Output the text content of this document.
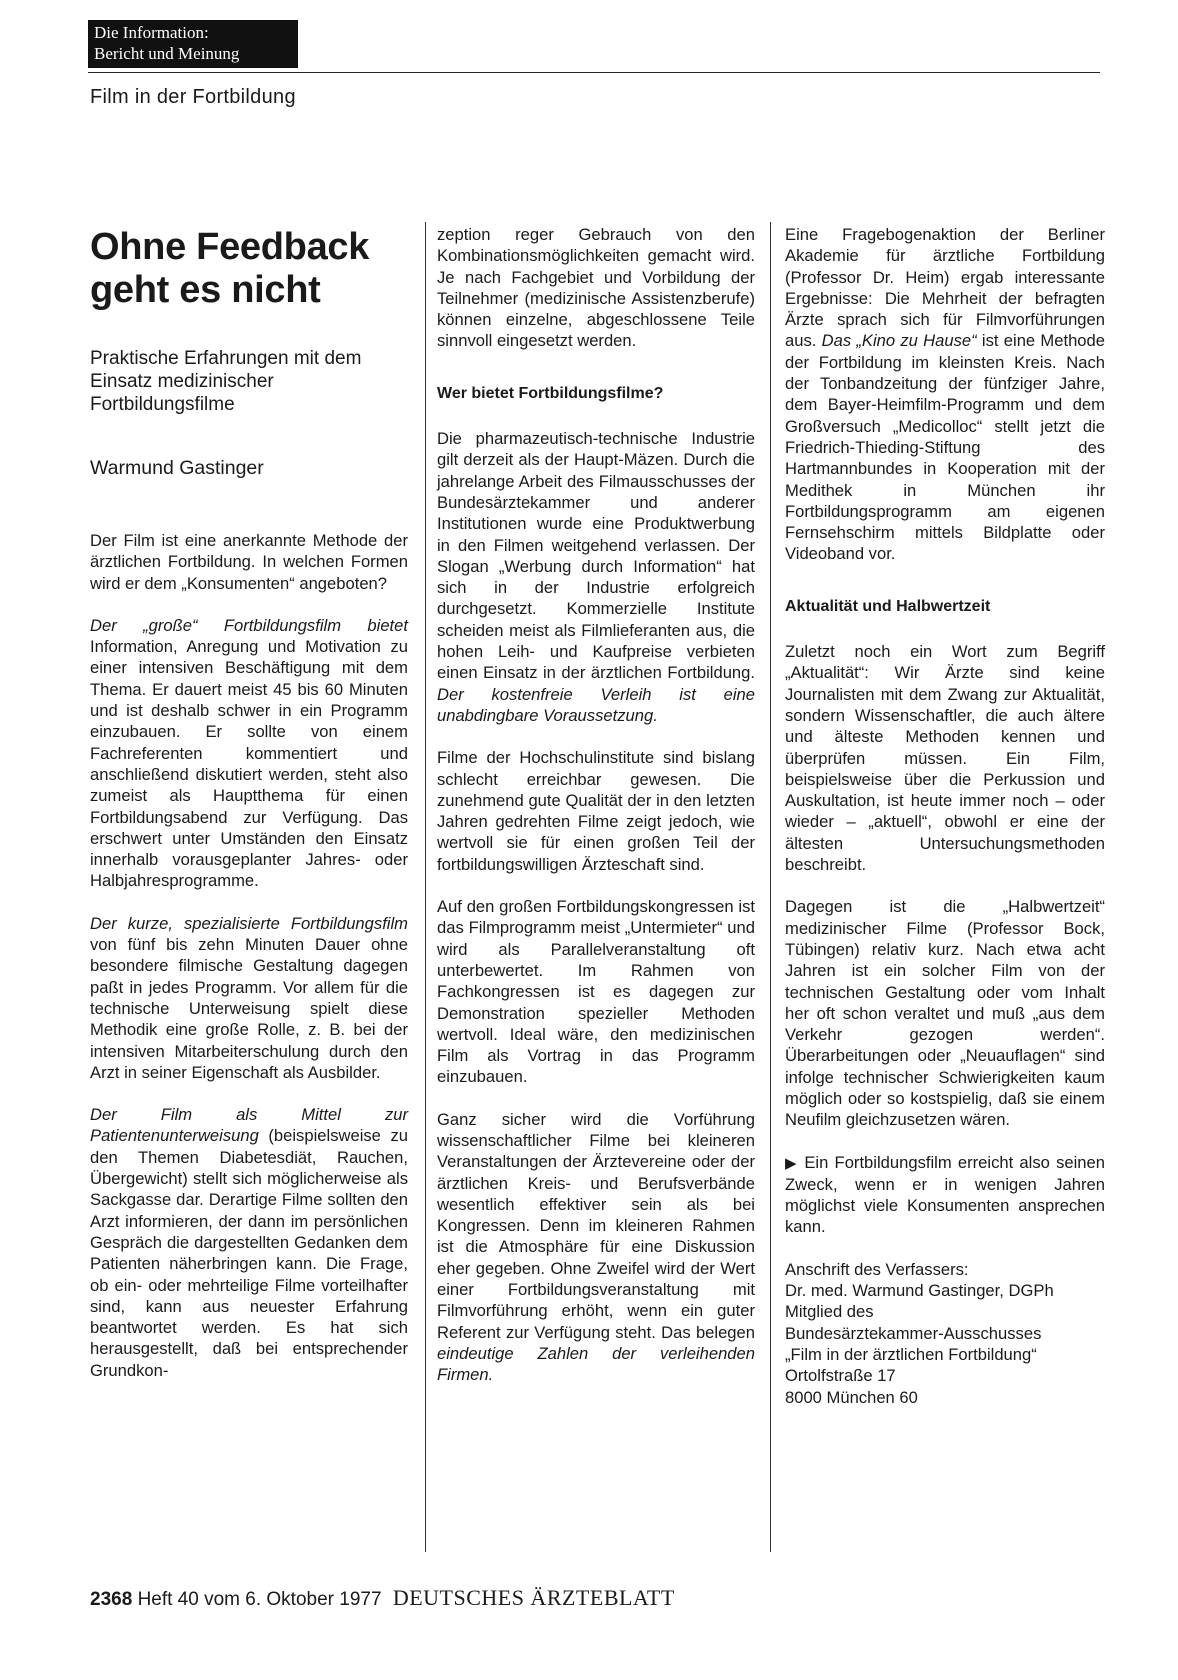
Die Information:
Bericht und Meinung
Film in der Fortbildung
Ohne Feedback geht es nicht
Praktische Erfahrungen mit dem Einsatz medizinischer Fortbildungsfilme
Warmund Gastinger

Der Film ist eine anerkannte Methode der ärztlichen Fortbildung. In welchen Formen wird er dem „Konsumenten“ angeboten?

Der „große“ Fortbildungsfilm bietet Information, Anregung und Motivation zu einer intensiven Beschäftigung mit dem Thema. Er dauert meist 45 bis 60 Minuten und ist deshalb schwer in ein Programm einzubauen. Er sollte von einem Fachreferenten kommentiert und anschließend diskutiert werden, steht also zumeist als Hauptthema für einen Fortbildungsabend zur Verfügung. Das erschwert unter Umständen den Einsatz innerhalb vorausgeplanter Jahres- oder Halbjahresprogramme.

Der kurze, spezialisierte Fortbildungsfilm von fünf bis zehn Minuten Dauer ohne besondere filmische Gestaltung dagegen paßt in jedes Programm. Vor allem für die technische Unterweisung spielt diese Methodik eine große Rolle, z. B. bei der intensiven Mitarbeiterschulung durch den Arzt in seiner Eigenschaft als Ausbilder.

Der Film als Mittel zur Patientenunterweisung (beispielsweise zu den Themen Diabetesdiät, Rauchen, Übergewicht) stellt sich möglicherweise als Sackgasse dar. Derartige Filme sollten den Arzt informieren, der dann im persönlichen Gespräch die dargestellten Gedanken dem Patienten näherbringen kann. Die Frage, ob ein- oder mehrteilige Filme vorteilhafter sind, kann aus neuester Erfahrung beantwortet werden. Es hat sich herausgestellt, daß bei entsprechender Grundkon-

zeption reger Gebrauch von den Kombinationsmöglichkeiten gemacht wird. Je nach Fachgebiet und Vorbildung der Teilnehmer (medizinische Assistenzberufe) können einzelne, abgeschlossene Teile sinnvoll eingesetzt werden.

Wer bietet Fortbildungsfilme?

Die pharmazeutisch-technische Industrie gilt derzeit als der Haupt-Mäzen. Durch die jahrelange Arbeit des Filmausschusses der Bundesärztekammer und anderer Institutionen wurde eine Produktwerbung in den Filmen weitgehend verlassen. Der Slogan „Werbung durch Information“ hat sich in der Industrie erfolgreich durchgesetzt. Kommerzielle Institute scheiden meist als Filmlieferanten aus, die hohen Leih- und Kaufpreise verbieten einen Einsatz in der ärztlichen Fortbildung. Der kostenfreie Verleih ist eine unabdingbare Voraussetzung.

Filme der Hochschulinstitute sind bislang schlecht erreichbar gewesen. Die zunehmend gute Qualität der in den letzten Jahren gedrehten Filme zeigt jedoch, wie wertvoll sie für einen großen Teil der fortbildungswilligen Ärzteschaft sind.

Auf den großen Fortbildungskongressen ist das Filmprogramm meist „Untermieter“ und wird als Parallelveranstaltung oft unterbewertet. Im Rahmen von Fachkongressen ist es dagegen zur Demonstration spezieller Methoden wertvoll. Ideal wäre, den medizinischen Film als Vortrag in das Programm einzubauen.

Ganz sicher wird die Vorführung wissenschaftlicher Filme bei kleineren Veranstaltungen der Ärztevereine oder der ärztlichen Kreis- und Berufsverbände wesentlich effektiver sein als bei Kongressen. Denn im kleineren Rahmen ist die Atmosphäre für eine Diskussion eher gegeben. Ohne Zweifel wird der Wert einer Fortbildungsveranstaltung mit Filmvorführung erhöht, wenn ein guter Referent zur Verfügung steht. Das belegen eindeutige Zahlen der verleihenden Firmen.

Eine Fragebogenaktion der Berliner Akademie für ärztliche Fortbildung (Professor Dr. Heim) ergab interessante Ergebnisse: Die Mehrheit der befragten Ärzte sprach sich für Filmvorführungen aus. Das „Kino zu Hause“ ist eine Methode der Fortbildung im kleinsten Kreis. Nach der Tonbandzeitung der fünfziger Jahre, dem Bayer-Heimfilm-Programm und dem Großversuch „Medicolloc“ stellt jetzt die Friedrich-Thieding-Stiftung des Hartmannbundes in Kooperation mit der Medithek in München ihr Fortbildungsprogramm am eigenen Fernsehschirm mittels Bildplatte oder Videoband vor.

Aktualität und Halbwertzeit

Zuletzt noch ein Wort zum Begriff „Aktualität“: Wir Ärzte sind keine Journalisten mit dem Zwang zur Aktualität, sondern Wissenschaftler, die auch ältere und älteste Methoden kennen und überprüfen müssen. Ein Film, beispielsweise über die Perkussion und Auskultation, ist heute immer noch – oder wieder – „aktuell“, obwohl er eine der ältesten Untersuchungsmethoden beschreibt.

Dagegen ist die „Halbwertzeit“ medizinischer Filme (Professor Bock, Tübingen) relativ kurz. Nach etwa acht Jahren ist ein solcher Film von der technischen Gestaltung oder vom Inhalt her oft schon veraltet und muß „aus dem Verkehr gezogen werden“. Überarbeitungen oder „Neuauflagen“ sind infolge technischer Schwierigkeiten kaum möglich oder so kostspielig, daß sie einem Neufilm gleichzusetzen wären.

▶ Ein Fortbildungsfilm erreicht also seinen Zweck, wenn er in wenigen Jahren möglichst viele Konsumenten ansprechen kann.

Anschrift des Verfassers:
Dr. med. Warmund Gastinger, DGPh
Mitglied des
Bundesärztekammer-Ausschusses
„Film in der ärztlichen Fortbildung“
Ortolfstraße 17
8000 München 60
2368 Heft 40 vom 6. Oktober 1977 DEUTSCHES ÄRZTEBLATT
